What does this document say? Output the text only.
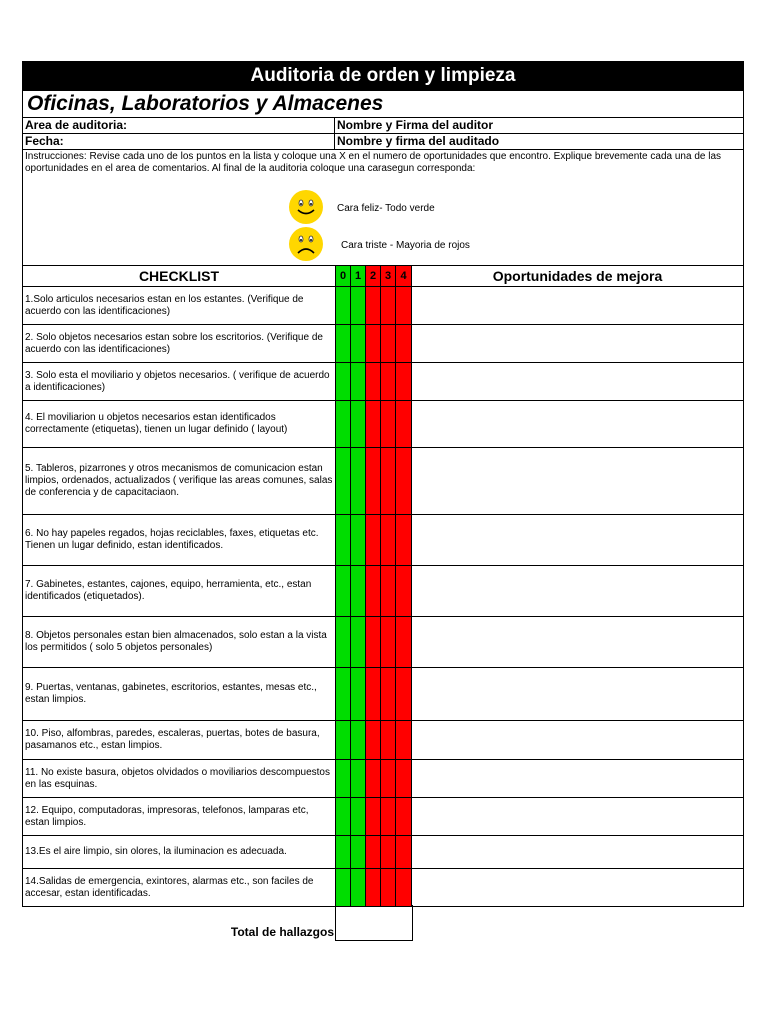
Auditoria de orden y limpieza
Oficinas, Laboratorios y Almacenes
Area de auditoria:	Nombre y Firma del auditor
Fecha:	Nombre y firma del auditado
Instrucciones: Revise cada uno de los puntos en la lista y coloque una X en el numero de oportunidades que encontro. Explique brevemente cada una de las oportunidades en el area de comentarios. Al final de la auditoria coloque una carasegun corresponda:
Cara feliz- Todo verde
Cara triste - Mayoria de rojos
CHECKLIST	0	1	2	3	4	Oportunidades de mejora
1.Solo articulos necesarios estan en los estantes. (Verifique de acuerdo con las identificaciones)						
2. Solo objetos necesarios estan sobre los escritorios. (Verifique de acuerdo con las identificaciones)						
3. Solo esta el moviliario y objetos necesarios. ( verifique de acuerdo a identificaciones)						
4. El moviliarion u objetos necesarios estan identificados correctamente (etiquetas), tienen un lugar definido ( layout)						
5. Tableros, pizarrones y otros mecanismos de comunicacion estan limpios, ordenados, actualizados ( verifique las areas comunes, salas de conferencia y de capacitaciaon.						
6. No hay papeles regados, hojas reciclables, faxes, etiquetas etc. Tienen un lugar definido, estan identificados.						
7. Gabinetes, estantes, cajones, equipo, herramienta, etc., estan identificados (etiquetados).						
8. Objetos personales estan bien almacenados, solo estan a la vista los permitidos ( solo 5 objetos personales)						
9. Puertas, ventanas, gabinetes, escritorios, estantes, mesas etc., estan limpios.						
10. Piso, alfombras, paredes, escaleras, puertas, botes de basura, pasamanos etc., estan limpios.						
11. No existe basura, objetos olvidados o moviliarios descompuestos en las esquinas.						
12. Equipo, computadoras, impresoras, telefonos, lamparas etc, estan limpios.						
13.Es el aire limpio, sin olores, la iluminacion es adecuada.						
14.Salidas de emergencia, exintores, alarmas etc., son faciles de accesar, estan identificadas.						
Total de hallazgos
